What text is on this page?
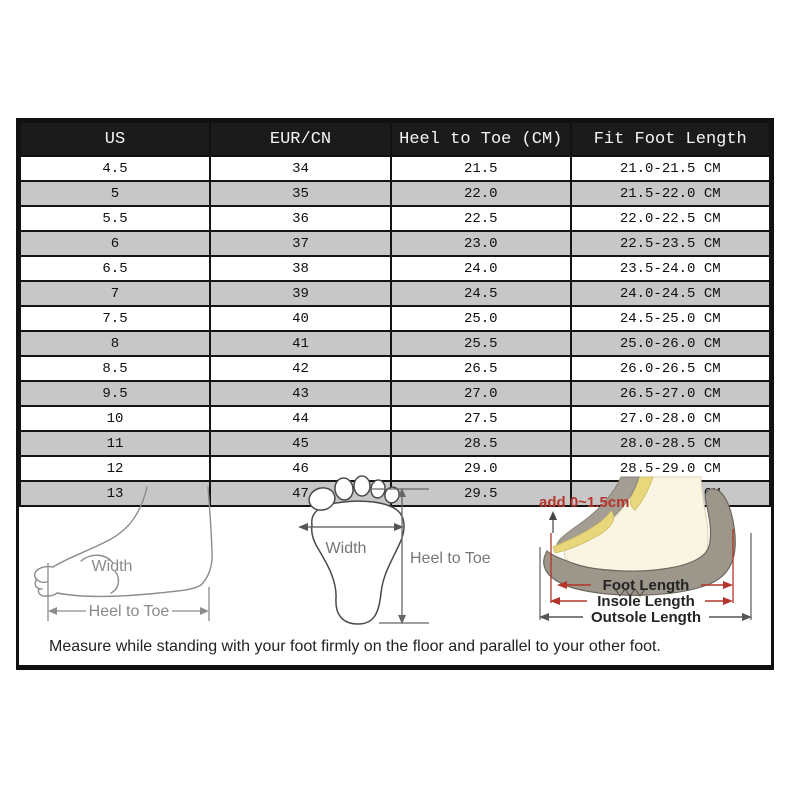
US	EUR/CN	Heel to Toe (CM)	Fit Foot Length
4.5	34	21.5	21.0-21.5 CM
5	35	22.0	21.5-22.0 CM
5.5	36	22.5	22.0-22.5 CM
6	37	23.0	22.5-23.5 CM
6.5	38	24.0	23.5-24.0 CM
7	39	24.5	24.0-24.5 CM
7.5	40	25.0	24.5-25.0 CM
8	41	25.5	25.0-26.0 CM
8.5	42	26.5	26.0-26.5 CM
9.5	43	27.0	26.5-27.0 CM
10	44	27.5	27.0-28.0 CM
11	45	28.5	28.0-28.5 CM
12	46	29.0	28.5-29.0 CM
13	47	29.5	
Width
Heel to Toe
Width
Heel to Toe
add 0~1.5cm
Foot Length
Insole Length
Outsole Length
Measure while standing with your foot firmly on the floor and parallel to your other foot.
